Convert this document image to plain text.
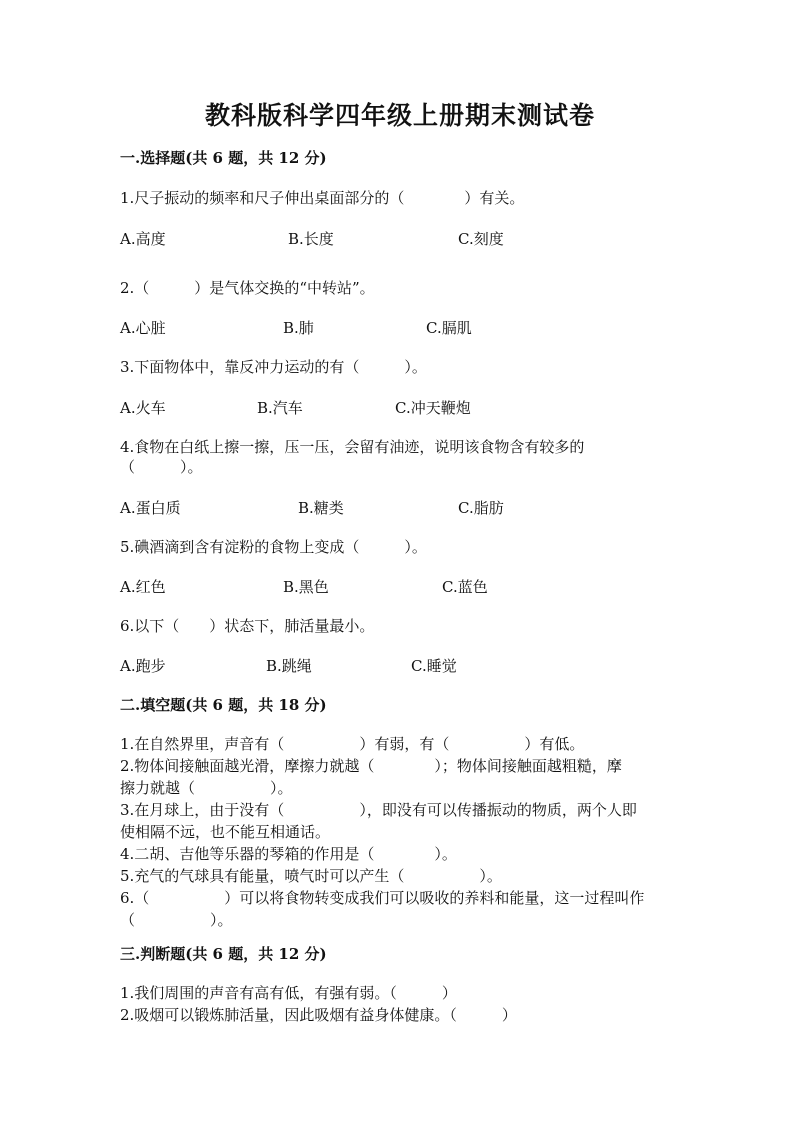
教科版科学四年级上册期末测试卷
一.选择题(共 6 题，共 12 分)
1.尺子振动的频率和尺子伸出桌面部分的（　　　　）有关。
A.高度	B.长度	C.刻度
2.（　　　）是气体交换的“中转站”。
A.心脏	B.肺	C.膈肌
3.下面物体中，靠反冲力运动的有（　　　）。
A.火车	B.汽车	C.冲天鞭炮
4.食物在白纸上擦一擦，压一压，会留有油迹，说明该食物含有较多的
（　　　）。
A.蛋白质	B.糖类	C.脂肪
5.碘酒滴到含有淀粉的食物上变成（　　　）。
A.红色	B.黑色	C.蓝色
6.以下（　　）状态下，肺活量最小。
A.跑步	B.跳绳	C.睡觉
二.填空题(共 6 题，共 18 分)
1.在自然界里，声音有（　　　　　）有弱，有（　　　　　）有低。
2.物体间接触面越光滑，摩擦力就越（　　　　）；物体间接触面越粗糙，摩
擦力就越（　　　　　）。
3.在月球上，由于没有（　　　　　），即没有可以传播振动的物质，两个人即
使相隔不远，也不能互相通话。
4.二胡、吉他等乐器的琴箱的作用是（　　　　）。
5.充气的气球具有能量，喷气时可以产生（　　　　　）。
6.（　　　　　）可以将食物转变成我们可以吸收的养料和能量，这一过程叫作
（　　　　　）。
三.判断题(共 6 题，共 12 分)
1.我们周围的声音有高有低，有强有弱。（　　　）
2.吸烟可以锻炼肺活量，因此吸烟有益身体健康。（　　　）
